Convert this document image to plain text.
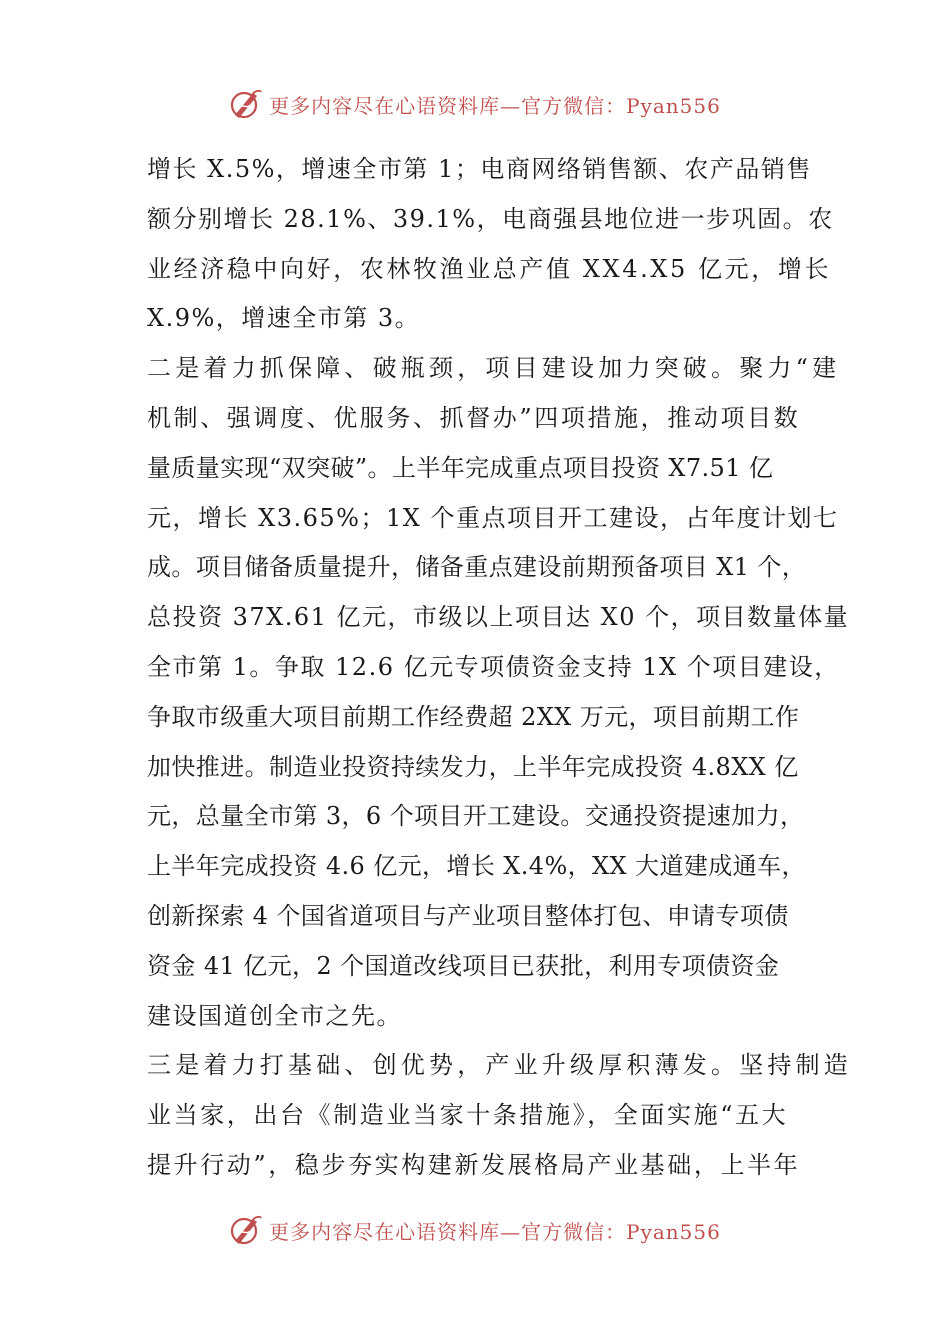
更多内容尽在心语资料库—官方微信：Pyan556
增长 X.5%，增速全市第 1；电商网络销售额、农产品销售
额分别增长 28.1%、39.1%，电商强县地位进一步巩固。农
业经济稳中向好，农林牧渔业总产值 XX4.X5 亿元，增长
X.9%，增速全市第 3。
二是着力抓保障、破瓶颈，项目建设加力突破。聚力“建
机制、强调度、优服务、抓督办”四项措施，推动项目数
量质量实现“双突破”。上半年完成重点项目投资 X7.51 亿
元，增长 X3.65%；1X 个重点项目开工建设，占年度计划七
成。项目储备质量提升，储备重点建设前期预备项目 X1 个，
总投资 37X.61 亿元，市级以上项目达 X0 个，项目数量体量
全市第 1。争取 12.6 亿元专项债资金支持 1X 个项目建设，
争取市级重大项目前期工作经费超 2XX 万元，项目前期工作
加快推进。制造业投资持续发力，上半年完成投资 4.8XX 亿
元，总量全市第 3，6 个项目开工建设。交通投资提速加力，
上半年完成投资 4.6 亿元，增长 X.4%，XX 大道建成通车，
创新探索 4 个国省道项目与产业项目整体打包、申请专项债
资金 41 亿元，2 个国道改线项目已获批，利用专项债资金
建设国道创全市之先。
三是着力打基础、创优势，产业升级厚积薄发。坚持制造
业当家，出台《制造业当家十条措施》，全面实施“五大
提升行动”，稳步夯实构建新发展格局产业基础，上半年
更多内容尽在心语资料库—官方微信：Pyan556
